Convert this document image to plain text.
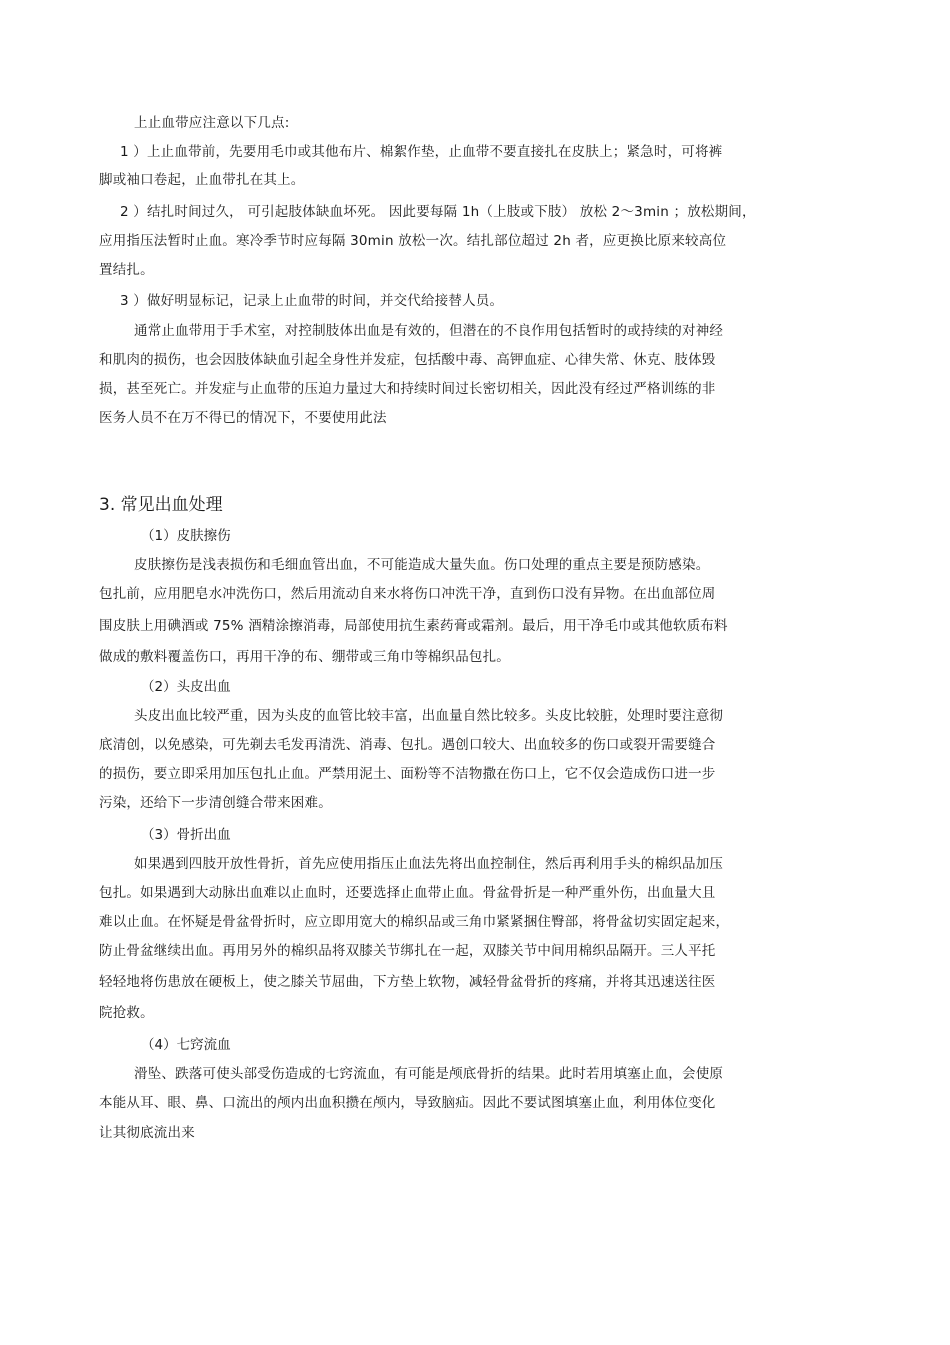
上止血带应注意以下几点:
1 ）上止血带前，先要用毛巾或其他布片、棉絮作垫，止血带不要直接扎在皮肤上；紧急时，可将裤
脚或袖口卷起，止血带扎在其上。
2 ）结扎时间过久， 可引起肢体缺血坏死。 因此要每隔 1h（上肢或下肢） 放松 2～3min ；放松期间，
应用指压法暂时止血。寒冷季节时应每隔 30min 放松一次。结扎部位超过 2h 者，应更换比原来较高位
置结扎。
3 ）做好明显标记，记录上止血带的时间，并交代给接替人员。
通常止血带用于手术室，对控制肢体出血是有效的，但潜在的不良作用包括暂时的或持续的对神经
和肌肉的损伤，也会因肢体缺血引起全身性并发症，包括酸中毒、高钾血症、心律失常、休克、肢体毁
损，甚至死亡。并发症与止血带的压迫力量过大和持续时间过长密切相关，因此没有经过严格训练的非
医务人员不在万不得已的情况下，不要使用此法
3. 常见出血处理
（1）皮肤擦伤
皮肤擦伤是浅表损伤和毛细血管出血，不可能造成大量失血。伤口处理的重点主要是预防感染。
包扎前，应用肥皂水冲洗伤口，然后用流动自来水将伤口冲洗干净，直到伤口没有异物。在出血部位周
围皮肤上用碘酒或 75% 酒精涂擦消毒，局部使用抗生素药膏或霜剂。最后，用干净毛巾或其他软质布料
做成的敷料覆盖伤口，再用干净的布、绷带或三角巾等棉织品包扎。
（2）头皮出血
头皮出血比较严重，因为头皮的血管比较丰富，出血量自然比较多。头皮比较脏，处理时要注意彻
底清创，以免感染，可先剃去毛发再清洗、消毒、包扎。遇创口较大、出血较多的伤口或裂开需要缝合
的损伤，要立即采用加压包扎止血。严禁用泥土、面粉等不洁物撒在伤口上，它不仅会造成伤口进一步
污染，还给下一步清创缝合带来困难。
（3）骨折出血
如果遇到四肢开放性骨折，首先应使用指压止血法先将出血控制住，然后再利用手头的棉织品加压
包扎。如果遇到大动脉出血难以止血时，还要选择止血带止血。骨盆骨折是一种严重外伤，出血量大且
难以止血。在怀疑是骨盆骨折时，应立即用宽大的棉织品或三角巾紧紧捆住臀部，将骨盆切实固定起来，
防止骨盆继续出血。再用另外的棉织品将双膝关节绑扎在一起，双膝关节中间用棉织品隔开。三人平托
轻轻地将伤患放在硬板上，使之膝关节屈曲，下方垫上软物，减轻骨盆骨折的疼痛，并将其迅速送往医
院抢救。
（4）七窍流血
滑坠、跌落可使头部受伤造成的七窍流血，有可能是颅底骨折的结果。此时若用填塞止血，会使原
本能从耳、眼、鼻、口流出的颅内出血积攒在颅内，导致脑疝。因此不要试图填塞止血，利用体位变化
让其彻底流出来
